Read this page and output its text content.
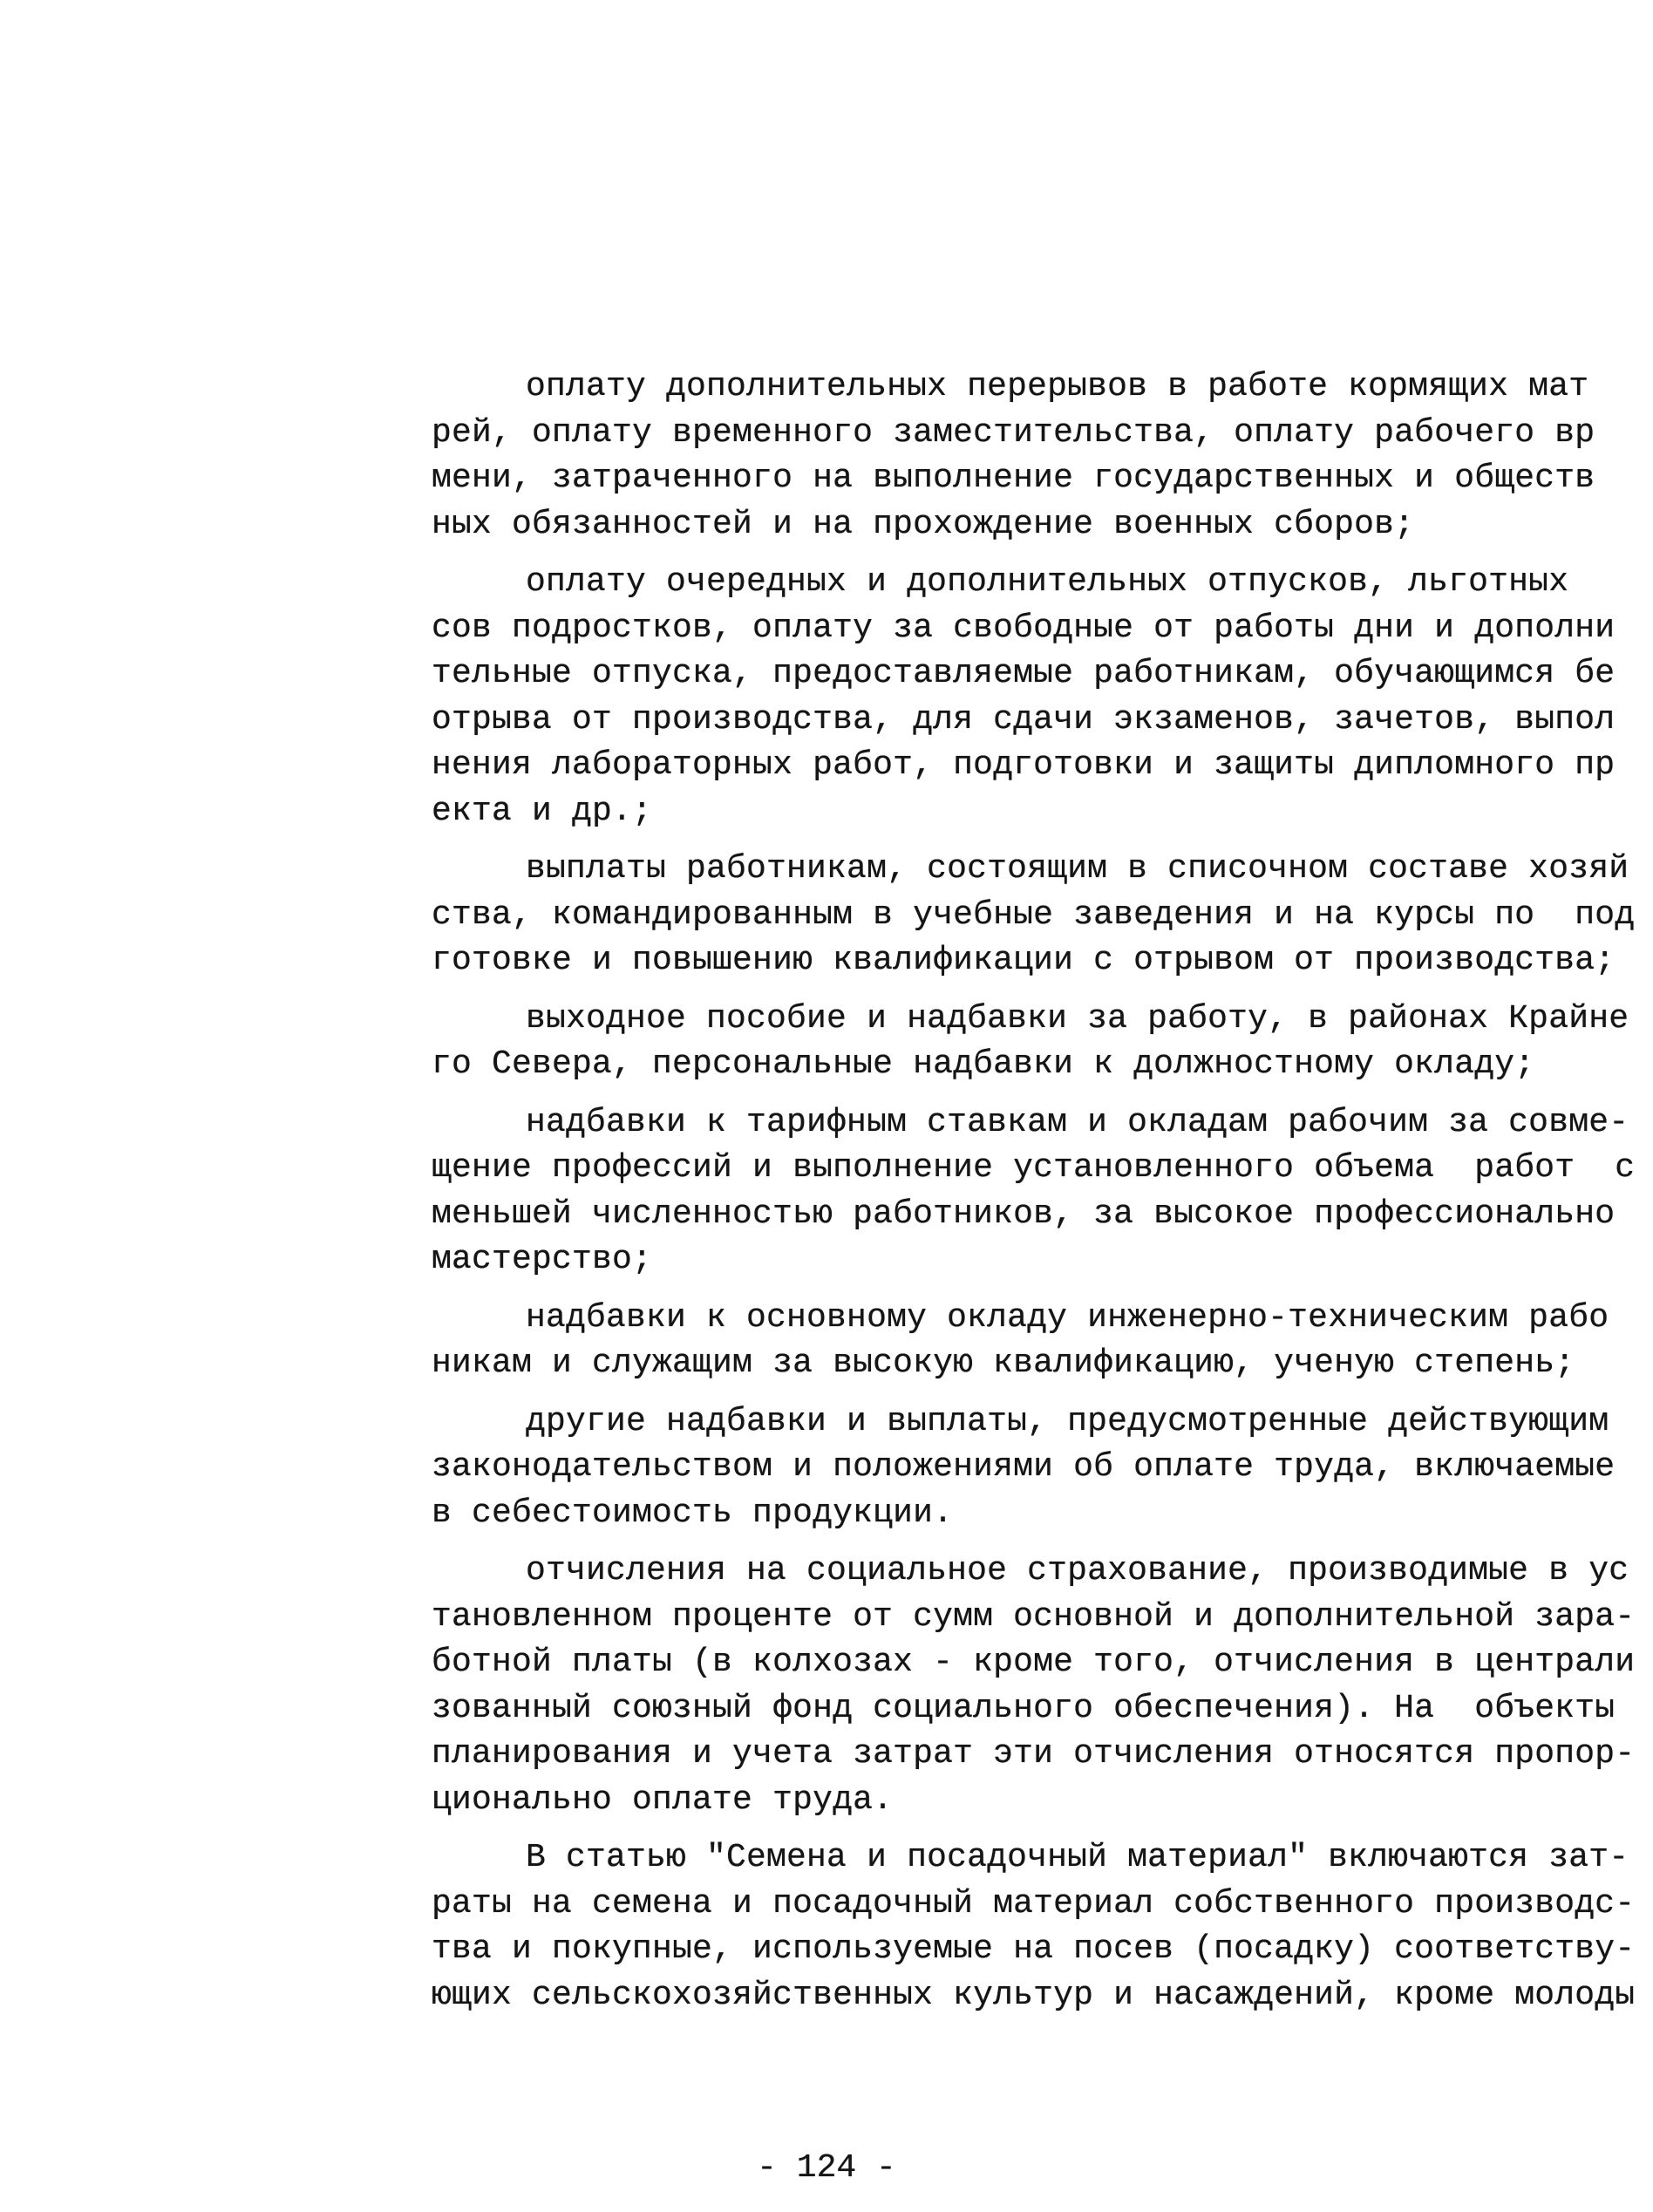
оплату дополнительных перерывов в работе кормящих мат
рей, оплату временного заместительства, оплату рабочего вр
мени, затраченного на выполнение государственных и обществ
ных обязанностей и на прохождение военных сборов;
оплату очередных и дополнительных отпусков, льготных
сов подростков, оплату за свободные от работы дни и дополни
тельные отпуска, предоставляемые работникам, обучающимся бе
отрыва от производства, для сдачи экзаменов, зачетов, выпол
нения лабораторных работ, подготовки и защиты дипломного пр
екта и др.;
выплаты работникам, состоящим в списочном составе хозяй
ства, командированным в учебные заведения и на курсы по  под
готовке и повышению квалификации с отрывом от производства;
выходное пособие и надбавки за работу, в районах Крайне
го Севера, персональные надбавки к должностному окладу;
надбавки к тарифным ставкам и окладам рабочим за совме-
щение профессий и выполнение установленного объема  работ  с
меньшей численностью работников, за высокое профессионально
мастерство;
надбавки к основному окладу инженерно-техническим рабо
никам и служащим за высокую квалификацию, ученую степень;
другие надбавки и выплаты, предусмотренные действующим
законодательством и положениями об оплате труда, включаемые
в себестоимость продукции.
отчисления на социальное страхование, производимые в ус
тановленном проценте от сумм основной и дополнительной зара-
ботной платы (в колхозах - кроме того, отчисления в централи
зованный союзный фонд социального обеспечения). На  объекты
планирования и учета затрат эти отчисления относятся пропор-
ционально оплате труда.
В статью "Семена и посадочный материал" включаются зат-
раты на семена и посадочный материал собственного производс-
тва и покупные, используемые на посев (посадку) соответству-
ющих сельскохозяйственных культур и насаждений, кроме молоды
- 124 -
